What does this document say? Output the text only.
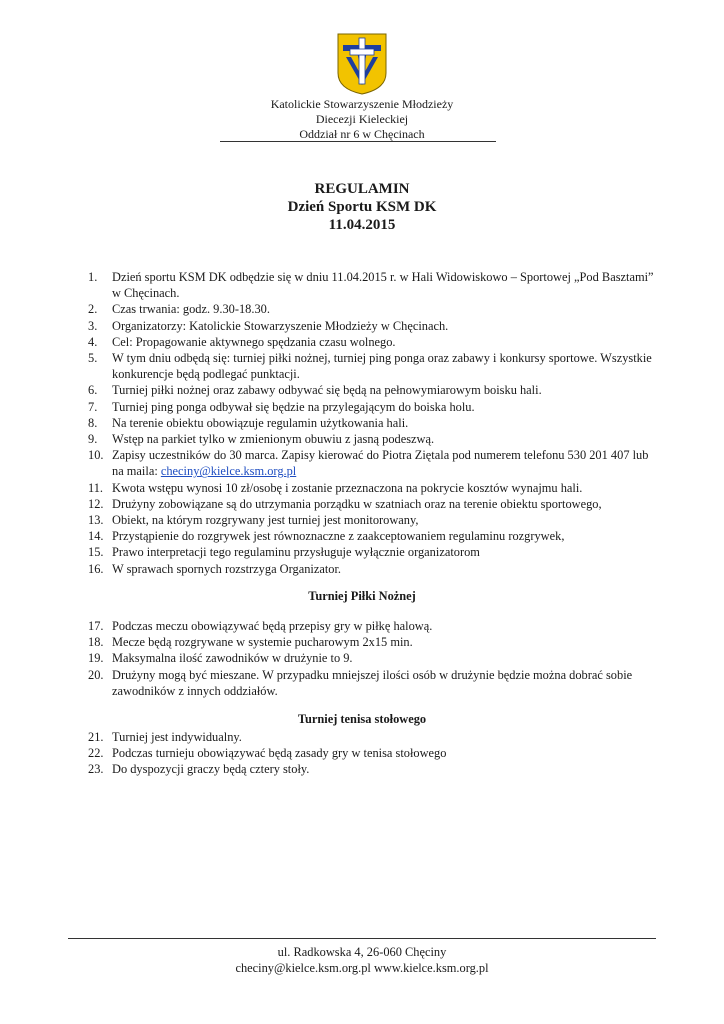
Katolickie Stowarzyszenie Młodzieży
Diecezji Kieleckiej
Oddział nr 6 w Chęcinach
REGULAMIN
Dzień Sportu KSM DK
11.04.2015
1.	Dzień sportu KSM DK odbędzie się w dniu 11.04.2015 r. w Hali Widowiskowo – Sportowej „Pod Basztami” w Chęcinach.
2.	Czas trwania: godz. 9.30-18.30.
3.	Organizatorzy: Katolickie Stowarzyszenie Młodzieży w Chęcinach.
4.	Cel: Propagowanie aktywnego spędzania czasu wolnego.
5.	W tym dniu odbędą się: turniej piłki nożnej, turniej ping ponga oraz zabawy i konkursy sportowe. Wszystkie konkurencje będą podlegać punktacji.
6.	Turniej piłki nożnej oraz zabawy odbywać się będą na pełnowymiarowym boisku hali.
7.	Turniej ping ponga odbywał się będzie na przylegającym do boiska holu.
8.	Na terenie obiektu obowiązuje regulamin użytkowania hali.
9.	Wstęp na parkiet tylko w zmienionym obuwiu z jasną podeszwą.
10. Zapisy uczestników do 30 marca. Zapisy kierować do Piotra Ziętala pod numerem telefonu 530 201 407 lub na maila: checiny@kielce.ksm.org.pl
11. Kwota wstępu wynosi 10 zł/osobę i zostanie przeznaczona na pokrycie kosztów wynajmu hali.
12. Drużyny zobowiązane są do utrzymania porządku w szatniach oraz na terenie obiektu sportowego,
13. Obiekt, na którym rozgrywany jest turniej jest monitorowany,
14. Przystąpienie do rozgrywek jest równoznaczne z zaakceptowaniem regulaminu rozgrywek,
15. Prawo interpretacji tego regulaminu przysługuje wyłącznie organizatorom
16. W sprawach spornych rozstrzyga Organizator.
Turniej Piłki Nożnej
17. Podczas meczu obowiązywać będą przepisy gry w piłkę halową.
18. Mecze będą rozgrywane w systemie pucharowym 2x15 min.
19. Maksymalna ilość zawodników w drużynie to 9.
20. Drużyny mogą być mieszane. W przypadku mniejszej ilości osób w drużynie będzie można dobrać sobie zawodników z innych oddziałów.
Turniej tenisa stołowego
21. Turniej jest indywidualny.
22. Podczas turnieju obowiązywać będą zasady gry w tenisa stołowego
23. Do dyspozycji graczy będą cztery stoły.
ul. Radkowska 4, 26-060 Chęciny
checiny@kielce.ksm.org.pl www.kielce.ksm.org.pl
